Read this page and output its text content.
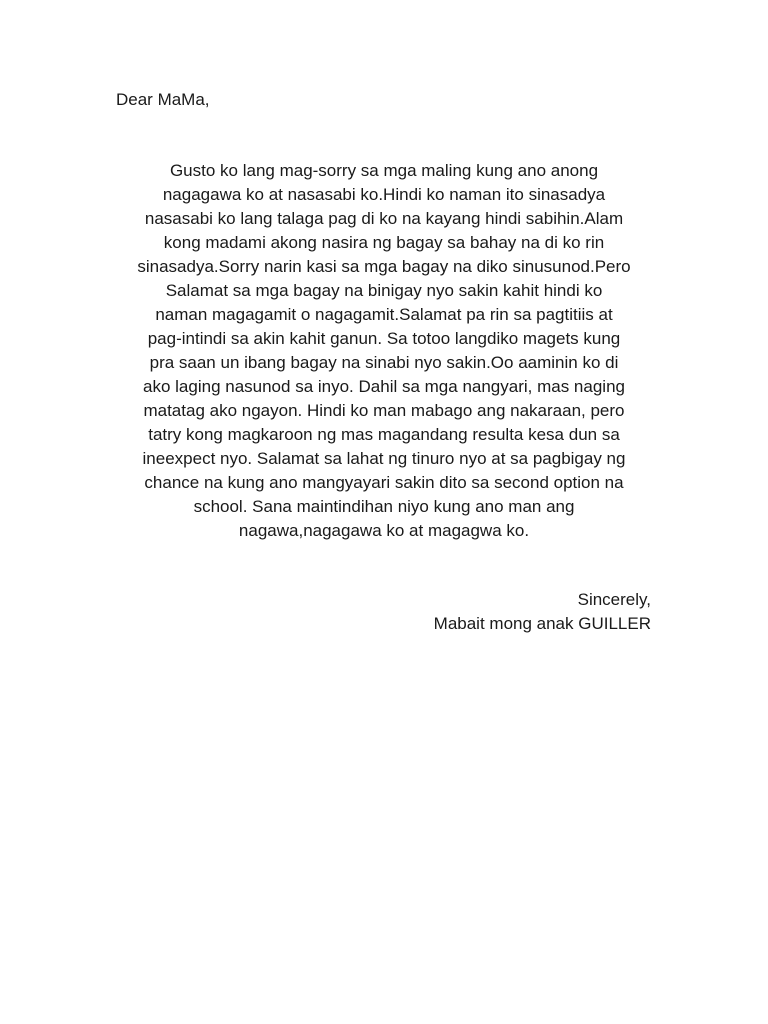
Dear MaMa,
Gusto ko lang mag-sorry sa mga maling kung ano anong
nagagawa ko at nasasabi ko.Hindi ko naman ito sinasadya
nasasabi ko lang talaga pag di ko na kayang hindi sabihin.Alam
kong madami akong nasira ng bagay sa bahay na di ko rin
sinasadya.Sorry narin kasi sa mga bagay na diko sinusunod.Pero
Salamat sa mga bagay na binigay nyo sakin kahit hindi ko
naman magagamit o nagagamit.Salamat pa rin sa pagtitiis at
pag-intindi sa akin kahit ganun. Sa totoo langdiko magets kung
pra saan un ibang bagay na sinabi nyo sakin.Oo aaminin ko di
ako laging nasunod sa inyo. Dahil sa mga nangyari, mas naging
matatag ako ngayon. Hindi ko man mabago ang nakaraan, pero
tatry kong magkaroon ng mas magandang resulta kesa dun sa
ineexpect nyo. Salamat sa lahat ng tinuro nyo at sa pagbigay ng
chance na kung ano mangyayari sakin dito sa second option na
school. Sana maintindihan niyo kung ano man ang
nagawa,nagagawa ko at magagwa ko.
Sincerely,
Mabait mong anak GUILLER
